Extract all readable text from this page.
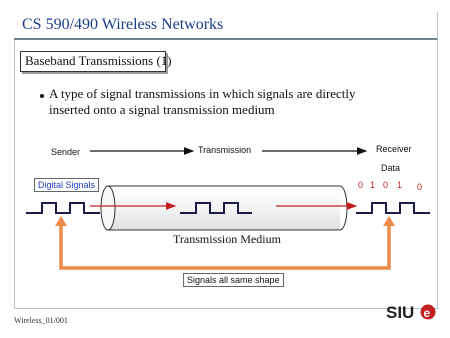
CS 590/490 Wireless Networks
Baseband Transmissions (1)
A type of signal transmissions in which signals are directly inserted onto a signal transmission medium
Sender	Transmission	Receiver
Data
0 1 0 1 0
Digital Signals
Transmission Medium
Signals all same shape
Wireless_01/001	SIU e
